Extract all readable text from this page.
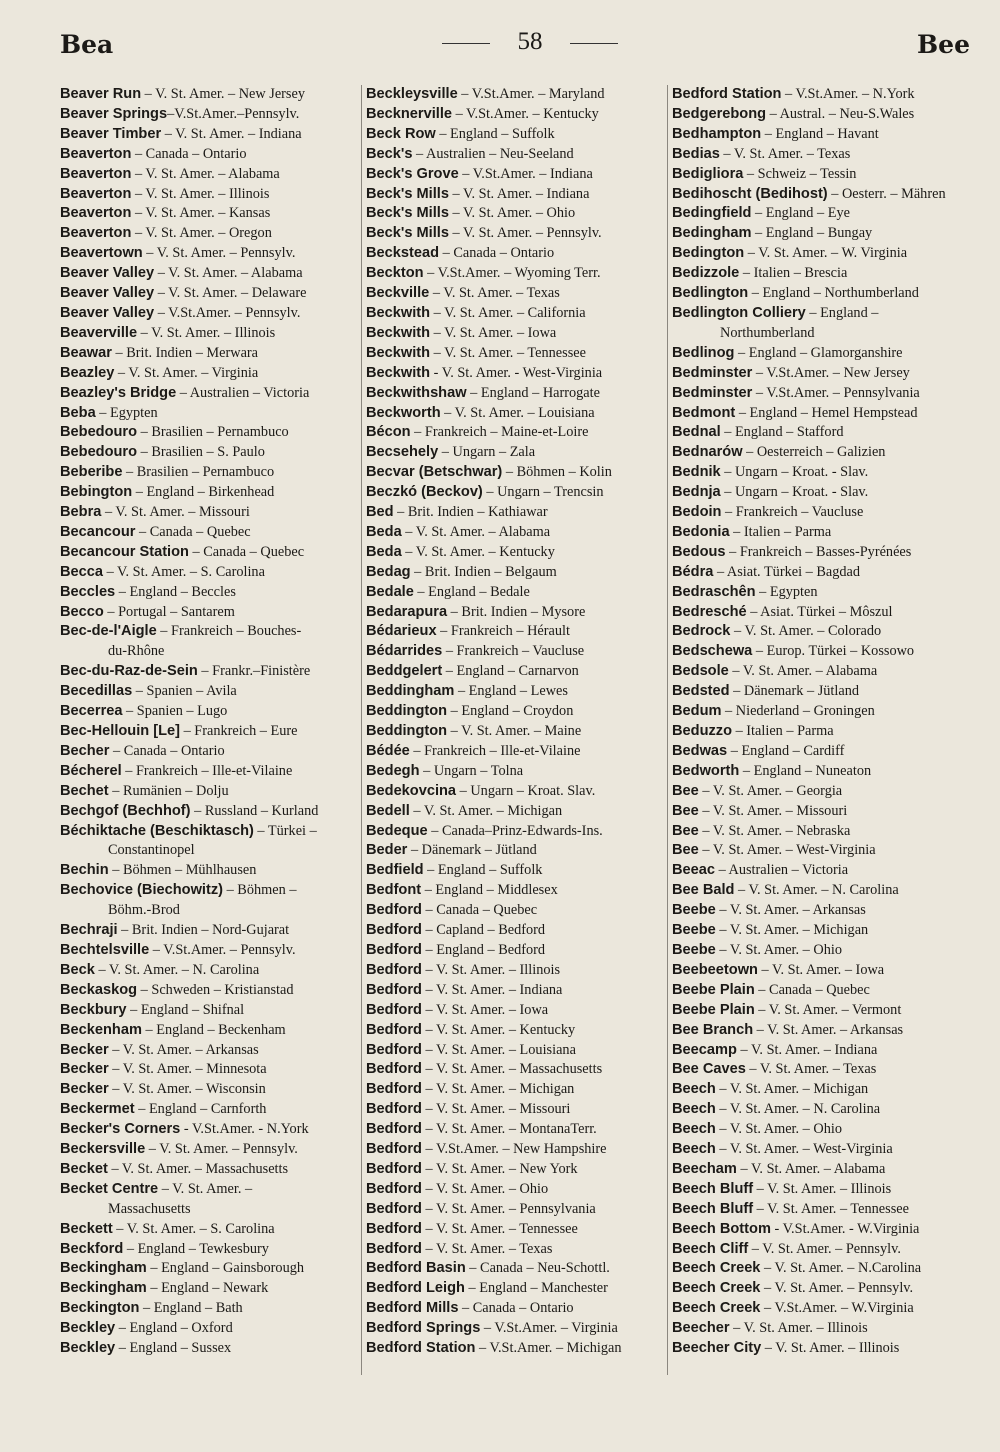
Bea	58	Bee
Beaver Run – V. St. Amer. – New Jersey
Beaver Springs–V.St.Amer.–Pennsylv.
Beaver Timber – V. St. Amer. – Indiana
Beaverton – Canada – Ontario
Beaverton – V. St. Amer. – Alabama
Beaverton – V. St. Amer. – Illinois
Beaverton – V. St. Amer. – Kansas
Beaverton – V. St. Amer. – Oregon
Beavertown – V. St. Amer. – Pennsylv.
Beaver Valley – V. St. Amer. – Alabama
Beaver Valley – V. St. Amer. – Delaware
Beaver Valley – V.St.Amer. – Pennsylv.
Beaverville – V. St. Amer. – Illinois
Beawar – Brit. Indien – Merwara
Beazley – V. St. Amer. – Virginia
Beazley's Bridge – Australien – Victoria
Beba – Egypten
Bebedouro – Brasilien – Pernambuco
Bebedouro – Brasilien – S. Paulo
Beberibe – Brasilien – Pernambuco
Bebington – England – Birkenhead
Bebra – V. St. Amer. – Missouri
Becancour – Canada – Quebec
Becancour Station – Canada – Quebec
Becca – V. St. Amer. – S. Carolina
Beccles – England – Beccles
Becco – Portugal – Santarem
Bec-de-l'Aigle – Frankreich – Bouches-
du-Rhône
Bec-du-Raz-de-Sein – Frankr.–Finistère
Becedillas – Spanien – Avila
Becerrea – Spanien – Lugo
Bec-Hellouin [Le] – Frankreich – Eure
Becher – Canada – Ontario
Bécherel – Frankreich – Ille-et-Vilaine
Bechet – Rumänien – Dolju
Bechgof (Bechhof) – Russland – Kurland
Béchiktache (Beschiktasch) – Türkei –
Constantinopel
Bechin – Böhmen – Mühlhausen
Bechovice (Biechowitz) – Böhmen –
Böhm.-Brod
Bechraji – Brit. Indien – Nord-Gujarat
Bechtelsville – V.St.Amer. – Pennsylv.
Beck – V. St. Amer. – N. Carolina
Beckaskog – Schweden – Kristianstad
Beckbury – England – Shifnal
Beckenham – England – Beckenham
Becker – V. St. Amer. – Arkansas
Becker – V. St. Amer. – Minnesota
Becker – V. St. Amer. – Wisconsin
Beckermet – England – Carnforth
Becker's Corners - V.St.Amer. - N.York
Beckersville – V. St. Amer. – Pennsylv.
Becket – V. St. Amer. – Massachusetts
Becket Centre – V. St. Amer. –
Massachusetts
Beckett – V. St. Amer. – S. Carolina
Beckford – England – Tewkesbury
Beckingham – England – Gainsborough
Beckingham – England – Newark
Beckington – England – Bath
Beckley – England – Oxford
Beckley – England – Sussex
Beckleysville – V.St.Amer. – Maryland
Becknerville – V.St.Amer. – Kentucky
Beck Row – England – Suffolk
Beck's – Australien – Neu-Seeland
Beck's Grove – V.St.Amer. – Indiana
Beck's Mills – V. St. Amer. – Indiana
Beck's Mills – V. St. Amer. – Ohio
Beck's Mills – V. St. Amer. – Pennsylv.
Beckstead – Canada – Ontario
Beckton – V.St.Amer. – Wyoming Terr.
Beckville – V. St. Amer. – Texas
Beckwith – V. St. Amer. – California
Beckwith – V. St. Amer. – Iowa
Beckwith – V. St. Amer. – Tennessee
Beckwith - V. St. Amer. - West-Virginia
Beckwithshaw – England – Harrogate
Beckworth – V. St. Amer. – Louisiana
Bécon – Frankreich – Maine-et-Loire
Becsehely – Ungarn – Zala
Becvar (Betschwar) – Böhmen – Kolin
Beczkó (Beckov) – Ungarn – Trencsin
Bed – Brit. Indien – Kathiawar
Beda – V. St. Amer. – Alabama
Beda – V. St. Amer. – Kentucky
Bedag – Brit. Indien – Belgaum
Bedale – England – Bedale
Bedarapura – Brit. Indien – Mysore
Bédarieux – Frankreich – Hérault
Bédarrides – Frankreich – Vaucluse
Beddgelert – England – Carnarvon
Beddingham – England – Lewes
Beddington – England – Croydon
Beddington – V. St. Amer. – Maine
Bédée – Frankreich – Ille-et-Vilaine
Bedegh – Ungarn – Tolna
Bedekovcina – Ungarn – Kroat. Slav.
Bedell – V. St. Amer. – Michigan
Bedeque – Canada–Prinz-Edwards-Ins.
Beder – Dänemark – Jütland
Bedfield – England – Suffolk
Bedfont – England – Middlesex
Bedford – Canada – Quebec
Bedford – Capland – Bedford
Bedford – England – Bedford
Bedford – V. St. Amer. – Illinois
Bedford – V. St. Amer. – Indiana
Bedford – V. St. Amer. – Iowa
Bedford – V. St. Amer. – Kentucky
Bedford – V. St. Amer. – Louisiana
Bedford – V. St. Amer. – Massachusetts
Bedford – V. St. Amer. – Michigan
Bedford – V. St. Amer. – Missouri
Bedford – V. St. Amer. – MontanaTerr.
Bedford – V.St.Amer. – New Hampshire
Bedford – V. St. Amer. – New York
Bedford – V. St. Amer. – Ohio
Bedford – V. St. Amer. – Pennsylvania
Bedford – V. St. Amer. – Tennessee
Bedford – V. St. Amer. – Texas
Bedford Basin – Canada – Neu-Schottl.
Bedford Leigh – England – Manchester
Bedford Mills – Canada – Ontario
Bedford Springs – V.St.Amer. – Virginia
Bedford Station – V.St.Amer. – Michigan
Bedford Station – V.St.Amer. – N.York
Bedgerebong – Austral. – Neu-S.Wales
Bedhampton – England – Havant
Bedias – V. St. Amer. – Texas
Bedigliora – Schweiz – Tessin
Bedihoscht (Bedihost) – Oesterr. – Mähren
Bedingfield – England – Eye
Bedingham – England – Bungay
Bedington – V. St. Amer. – W. Virginia
Bedizzole – Italien – Brescia
Bedlington – England – Northumberland
Bedlington Colliery – England –
Northumberland
Bedlinog – England – Glamorganshire
Bedminster – V.St.Amer. – New Jersey
Bedminster – V.St.Amer. – Pennsylvania
Bedmont – England – Hemel Hempstead
Bednal – England – Stafford
Bednarów – Oesterreich – Galizien
Bednik – Ungarn – Kroat. - Slav.
Bednja – Ungarn – Kroat. - Slav.
Bedoin – Frankreich – Vaucluse
Bedonia – Italien – Parma
Bedous – Frankreich – Basses-Pyrénées
Bédra – Asiat. Türkei – Bagdad
Bedraschên – Egypten
Bedresché – Asiat. Türkei – Môszul
Bedrock – V. St. Amer. – Colorado
Bedschewa – Europ. Türkei – Kossowo
Bedsole – V. St. Amer. – Alabama
Bedsted – Dänemark – Jütland
Bedum – Niederland – Groningen
Beduzzo – Italien – Parma
Bedwas – England – Cardiff
Bedworth – England – Nuneaton
Bee – V. St. Amer. – Georgia
Bee – V. St. Amer. – Missouri
Bee – V. St. Amer. – Nebraska
Bee – V. St. Amer. – West-Virginia
Beeac – Australien – Victoria
Bee Bald – V. St. Amer. – N. Carolina
Beebe – V. St. Amer. – Arkansas
Beebe – V. St. Amer. – Michigan
Beebe – V. St. Amer. – Ohio
Beebeetown – V. St. Amer. – Iowa
Beebe Plain – Canada – Quebec
Beebe Plain – V. St. Amer. – Vermont
Bee Branch – V. St. Amer. – Arkansas
Beecamp – V. St. Amer. – Indiana
Bee Caves – V. St. Amer. – Texas
Beech – V. St. Amer. – Michigan
Beech – V. St. Amer. – N. Carolina
Beech – V. St. Amer. – Ohio
Beech – V. St. Amer. – West-Virginia
Beecham – V. St. Amer. – Alabama
Beech Bluff – V. St. Amer. – Illinois
Beech Bluff – V. St. Amer. – Tennessee
Beech Bottom - V.St.Amer. - W.Virginia
Beech Cliff – V. St. Amer. – Pennsylv.
Beech Creek – V. St. Amer. – N.Carolina
Beech Creek – V. St. Amer. – Pennsylv.
Beech Creek – V.St.Amer. – W.Virginia
Beecher – V. St. Amer. – Illinois
Beecher City – V. St. Amer. – Illinois
